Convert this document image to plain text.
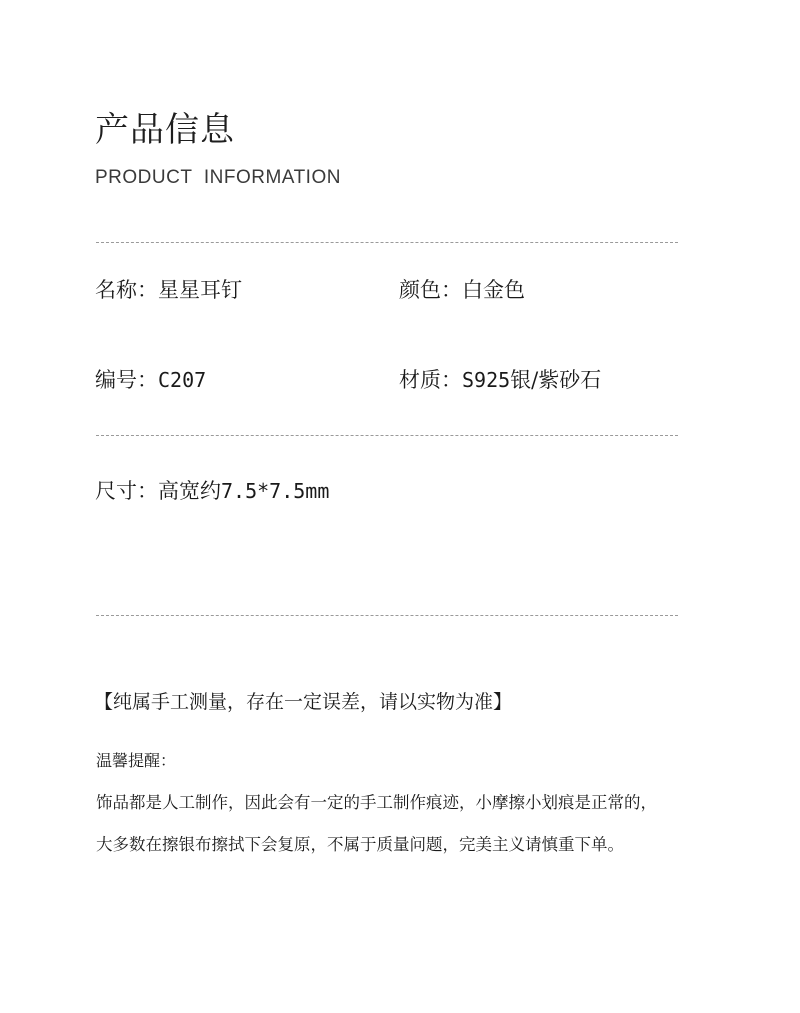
产品信息
PRODUCT INFORMATION
名称：星星耳钉	颜色：白金色
编号：C207	材质：S925银/紫砂石
尺寸：高宽约7.5*7.5mm
【纯属手工测量，存在一定误差，请以实物为准】
温馨提醒：
饰品都是人工制作，因此会有一定的手工制作痕迹，小摩擦小划痕是正常的，
大多数在擦银布擦拭下会复原，不属于质量问题，完美主义请慎重下单。
